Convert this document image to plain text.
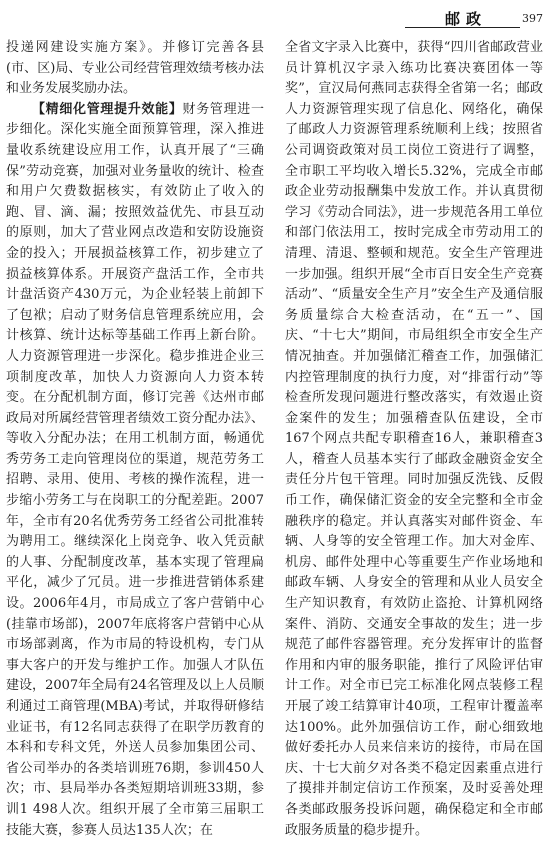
邮政	397

投递网建设实施方案》。并修订完善各县(市、区)局、专业公司经营管理效绩考核办法和业务发展奖励办法。

【精细化管理提升效能】财务管理进一步细化。深化实施全面预算管理，深入推进量收系统建设应用工作，认真开展了“三确保”劳动竞赛，加强对业务量收的统计、检查和用户欠费数据核实，有效防止了收入的跑、冒、滴、漏；按照效益优先、市县互动的原则，加大了营业网点改造和安防设施资金的投入；开展损益核算工作，初步建立了损益核算体系。开展资产盘活工作，全市共计盘活资产430万元，为企业轻装上前卸下了包袱；启动了财务信息管理系统应用，会计核算、统计达标等基础工作再上新台阶。人力资源管理进一步深化。稳步推进企业三项制度改革，加快人力资源向人力资本转变。在分配机制方面，修订完善《达州市邮政局对所属经营管理者绩效工资分配办法》、等收入分配办法；在用工机制方面，畅通优秀劳务工走向管理岗位的渠道，规范劳务工招聘、录用、使用、考核的操作流程，进一步缩小劳务工与在岗职工的分配差距。2007年，全市有20名优秀劳务工经省公司批准转为聘用工。继续深化上岗竞争、收入凭贡献的人事、分配制度改革，基本实现了管理扁平化，减少了冗员。进一步推进营销体系建设。2006年4月，市局成立了客户营销中心(挂靠市场部)，2007年底将客户营销中心从市场部剥离，作为市局的特设机构，专门从事大客户的开发与维护工作。加强人才队伍建设，2007年全局有24名管理及以上人员顺利通过工商管理(MBA)考试，并取得研修结业证书，有12名同志获得了在职学历教育的本科和专科文凭，外送人员参加集团公司、省公司举办的各类培训班76期，参训450人次；市、县局举办各类短期培训班33期，参训1 498人次。组织开展了全市第三届职工技能大赛，参赛人员达135人次；在

全省文字录入比赛中，获得“四川省邮政营业员计算机汉字录入练功比赛决赛团体一等奖”，宣汉局何燕同志获得全省第一名；邮政人力资源管理实现了信息化、网络化，确保了邮政人力资源管理系统顺利上线；按照省公司调资政策对员工岗位工资进行了调整，全市职工平均收入增长5.32%，完成全市邮政企业劳动报酬集中发放工作。并认真贯彻学习《劳动合同法》，进一步规范各用工单位和部门依法用工，按时完成全市劳动用工的清理、清退、整顿和规范。安全生产管理进一步加强。组织开展“全市百日安全生产竞赛活动”、“质量安全生产月”安全生产及通信服务质量综合大检查活动，在“五一”、国庆、“十七大”期间，市局组织全市安全生产情况抽查。并加强储汇稽查工作，加强储汇内控管理制度的执行力度，对“排雷行动”等检查所发现问题进行整改落实，有效遏止资金案件的发生；加强稽查队伍建设，全市167个网点共配专职稽查16人，兼职稽查3人，稽查人员基本实行了邮政金融资金安全责任分片包干管理。同时加强反洗钱、反假币工作，确保储汇资金的安全完整和全市金融秩序的稳定。并认真落实对邮件资金、车辆、人身等的安全管理工作。加大对金库、机房、邮件处理中心等重要生产作业场地和邮政车辆、人身安全的管理和从业人员安全生产知识教育，有效防止盗抢、计算机网络案件、消防、交通安全事故的发生；进一步规范了邮件容器管理。充分发挥审计的监督作用和内审的服务职能，推行了风险评估审计工作。对全市已完工标准化网点装修工程开展了竣工结算审计40项，工程审计覆盖率达100%。此外加强信访工作，耐心细致地做好委托办人员来信来访的接待，市局在国庆、十七大前夕对各类不稳定因素重点进行了摸排并制定信访工作预案，及时妥善处理各类邮政服务投诉问题，确保稳定和全市邮政服务质量的稳步提升。
